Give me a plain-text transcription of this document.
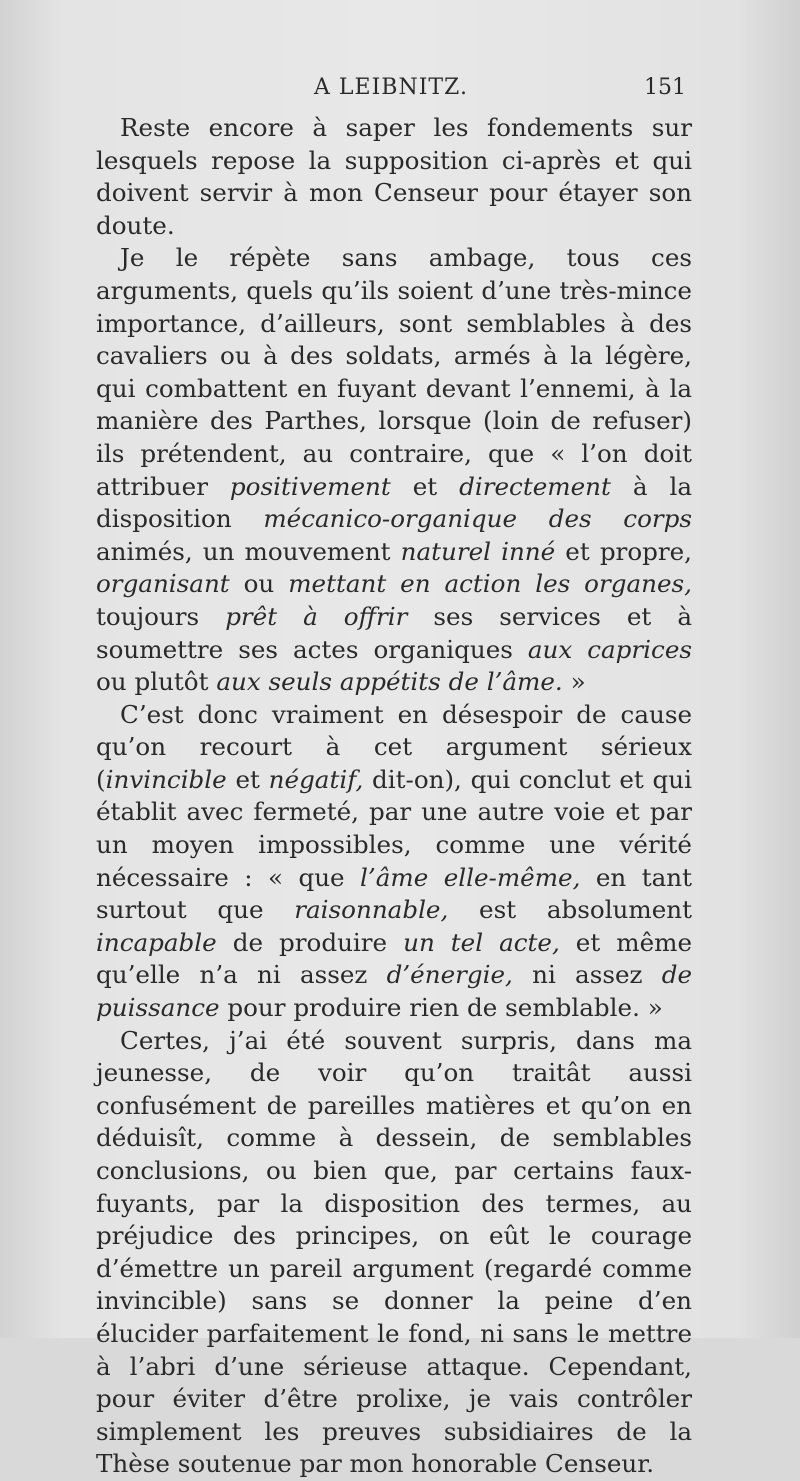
A LEIBNITZ.	151

Reste encore à saper les fondements sur lesquels repose la supposition ci-après et qui doivent servir à mon Censeur pour étayer son doute.

Je le répète sans ambage, tous ces arguments, quels qu’ils soient d’une très-mince importance, d’ailleurs, sont semblables à des cavaliers ou à des soldats, armés à la légère, qui combattent en fuyant devant l’ennemi, à la manière des Parthes, lorsque (loin de refuser) ils prétendent, au contraire, que « l’on doit attribuer positivement et directement à la disposition mécanico-organique des corps animés, un mouvement naturel inné et propre, organisant ou mettant en action les organes, toujours prêt à offrir ses services et à soumettre ses actes organiques aux caprices ou plutôt aux seuls appétits de l’âme. »

C’est donc vraiment en désespoir de cause qu’on recourt à cet argument sérieux (invincible et négatif, dit-on), qui conclut et qui établit avec fermeté, par une autre voie et par un moyen impossibles, comme une vérité nécessaire : « que l’âme elle-même, en tant surtout que raisonnable, est absolument incapable de produire un tel acte, et même qu’elle n’a ni assez d’énergie, ni assez de puissance pour produire rien de semblable. »

Certes, j’ai été souvent surpris, dans ma jeunesse, de voir qu’on traitât aussi confusément de pareilles matières et qu’on en déduisît, comme à dessein, de semblables conclusions, ou bien que, par certains faux-fuyants, par la disposition des termes, au préjudice des principes, on eût le courage d’émettre un pareil argument (regardé comme invincible) sans se donner la peine d’en élucider parfaitement le fond, ni sans le mettre à l’abri d’une sérieuse attaque. Cependant, pour éviter d’être prolixe, je vais contrôler simplement les preuves subsidiaires de la Thèse soutenue par mon honorable Censeur.
